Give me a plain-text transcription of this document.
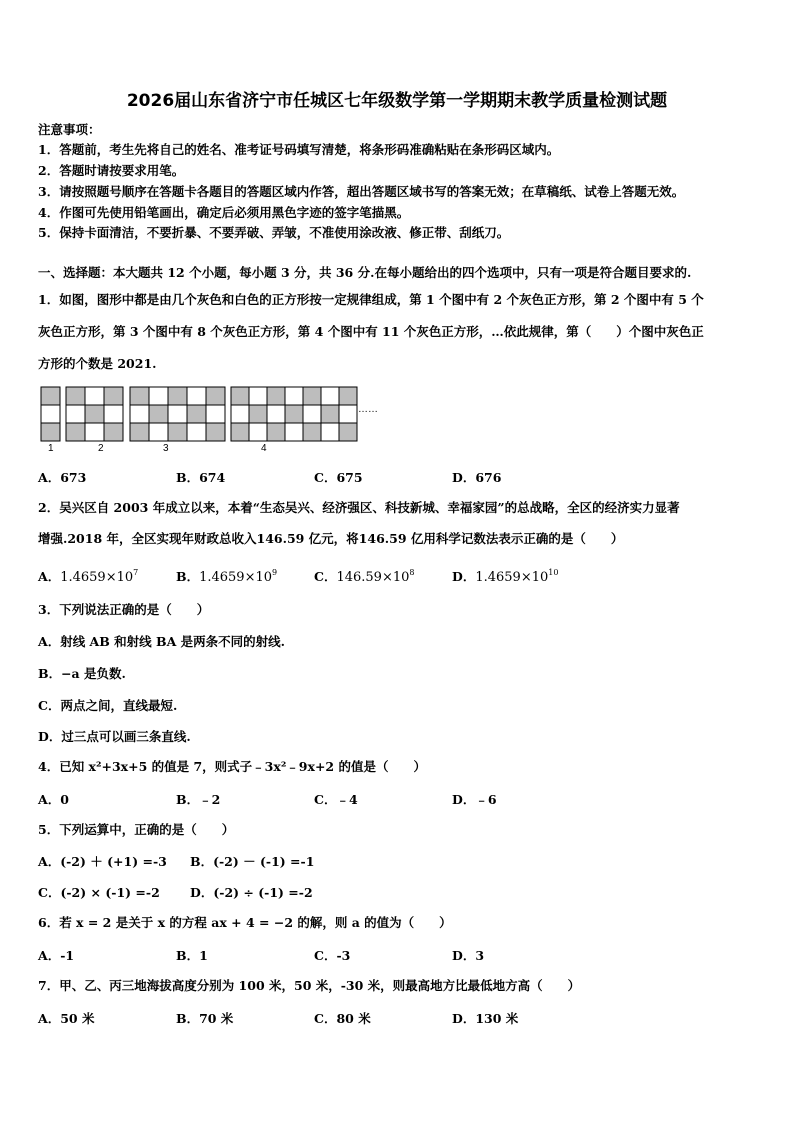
2026届山东省济宁市任城区七年级数学第一学期期末教学质量检测试题
注意事项：
1．答题前，考生先将自己的姓名、准考证号码填写清楚，将条形码准确粘贴在条形码区域内。
2．答题时请按要求用笔。
3．请按照题号顺序在答题卡各题目的答题区域内作答，超出答题区域书写的答案无效；在草稿纸、试卷上答题无效。
4．作图可先使用铅笔画出，确定后必须用黑色字迹的签字笔描黑。
5．保持卡面清洁，不要折暴、不要弄破、弄皱，不准使用涂改液、修正带、刮纸刀。
一、选择题：本大题共 12 个小题，每小题 3 分，共 36 分.在每小题给出的四个选项中，只有一项是符合题目要求的.
1．如图，图形中都是由几个灰色和白色的正方形按一定规律组成，第 1 个图中有 2 个灰色正方形，第 2 个图中有 5 个
灰色正方形，第 3 个图中有 8 个灰色正方形，第 4 个图中有 11 个灰色正方形，…依此规律，第（　　）个图中灰色正
方形的个数是 2021.
1	2	3	4
……
A．673	B．674	C．675	D．676
2．吴兴区自 2003 年成立以来，本着“生态吴兴、经济强区、科技新城、幸福家园”的总战略，全区的经济实力显著
增强.2018 年，全区实现年财政总收入146.59 亿元，将146.59 亿用科学记数法表示正确的是（　　）
A．$1.4659\times 10^7$	B．$1.4659\times 10^9$	C．$146.59\times 10^8$	D．$1.4659\times 10^{10}$
3．下列说法正确的是（　　）
A．射线 AB 和射线 BA 是两条不同的射线.
B．−a 是负数.
C．两点之间，直线最短.
D．过三点可以画三条直线.
4．已知 x²+3x+5 的值是 7，则式子﹣3x²﹣9x+2 的值是（　　）
A．0	B．﹣2	C．﹣4	D．﹣6
5．下列运算中，正确的是（　　）
A．(-2) ＋ (+1) =-3 B．(-2) － (-1) =-1
C．(-2) × (-1) =-2 D．(-2) ÷ (-1) =-2
6．若 x = 2 是关于 x 的方程 ax + 4 = −2 的解，则 a 的值为（　　）
A．-1	B．1	C．-3	D．3
7．甲、乙、丙三地海拔高度分别为 100 米，50 米，-30 米，则最高地方比最低地方高（　　）
A．50 米	B．70 米	C．80 米	D．130 米
